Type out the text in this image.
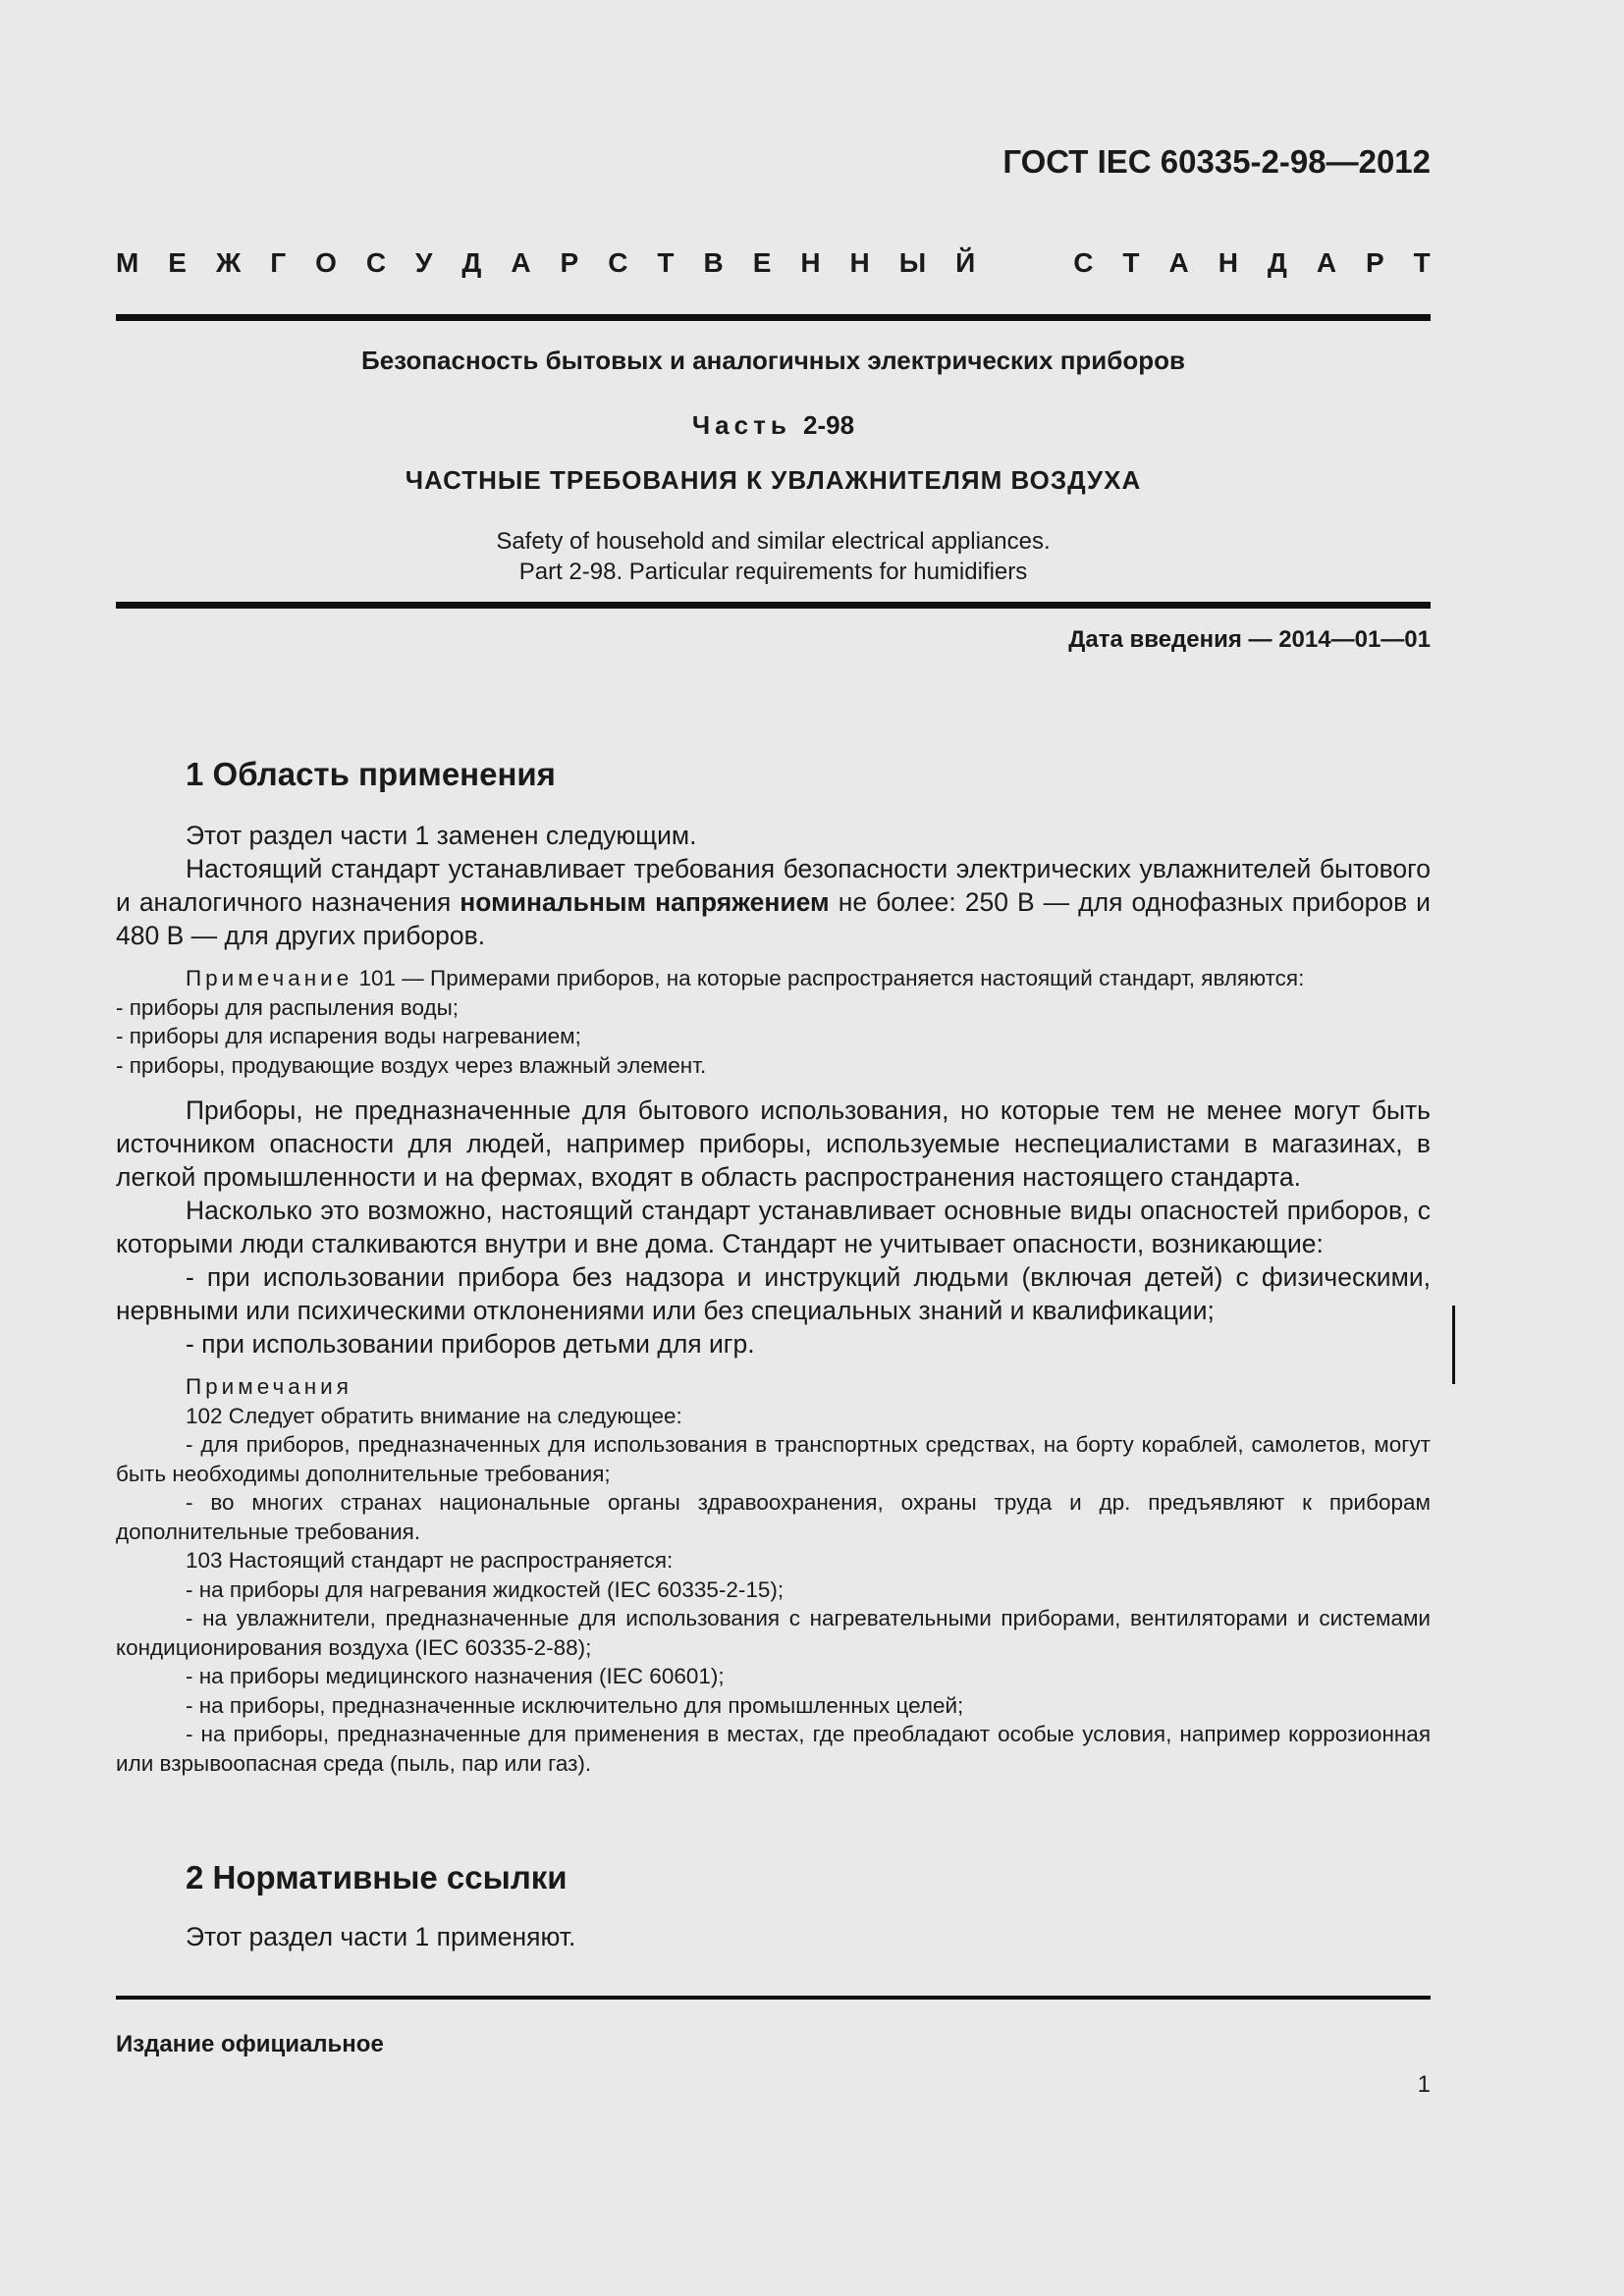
ГОСТ IEC 60335-2-98—2012
М Е Ж Г О С У Д А Р С Т В Е Н Н Ы Й	С Т А Н Д А Р Т
Безопасность бытовых и аналогичных электрических приборов
Часть 2-98
ЧАСТНЫЕ ТРЕБОВАНИЯ К УВЛАЖНИТЕЛЯМ ВОЗДУХА
Safety of household and similar electrical appliances.
Part 2-98. Particular requirements for humidifiers
Дата введения — 2014—01—01
1 Область применения

Этот раздел части 1 заменен следующим.

Настоящий стандарт устанавливает требования безопасности электрических увлажнителей бытового и аналогичного назначения номинальным напряжением не более: 250 В — для однофазных приборов и 480 В — для других приборов.

Примечание 101 — Примерами приборов, на которые распространяется настоящий стандарт, являются:

- приборы для распыления воды;

- приборы для испарения воды нагреванием;

- приборы, продувающие воздух через влажный элемент.

Приборы, не предназначенные для бытового использования, но которые тем не менее могут быть источником опасности для людей, например приборы, используемые неспециалистами в магазинах, в легкой промышленности и на фермах, входят в область распространения настоящего стандарта.

Насколько это возможно, настоящий стандарт устанавливает основные виды опасностей приборов, с которыми люди сталкиваются внутри и вне дома. Стандарт не учитывает опасности, возникающие:

- при использовании прибора без надзора и инструкций людьми (включая детей) с физическими, нервными или психическими отклонениями или без специальных знаний и квалификации;

- при использовании приборов детьми для игр.

Примечания

102 Следует обратить внимание на следующее:

- для приборов, предназначенных для использования в транспортных средствах, на борту кораблей, самолетов, могут быть необходимы дополнительные требования;

- во многих странах национальные органы здравоохранения, охраны труда и др. предъявляют к приборам дополнительные требования.

103 Настоящий стандарт не распространяется:

- на приборы для нагревания жидкостей (IEC 60335-2-15);

- на увлажнители, предназначенные для использования с нагревательными приборами, вентиляторами и системами кондиционирования воздуха (IEC 60335-2-88);

- на приборы медицинского назначения (IEC 60601);

- на приборы, предназначенные исключительно для промышленных целей;

- на приборы, предназначенные для применения в местах, где преобладают особые условия, например коррозионная или взрывоопасная среда (пыль, пар или газ).

2 Нормативные ссылки

Этот раздел части 1 применяют.

Издание официальное
1
